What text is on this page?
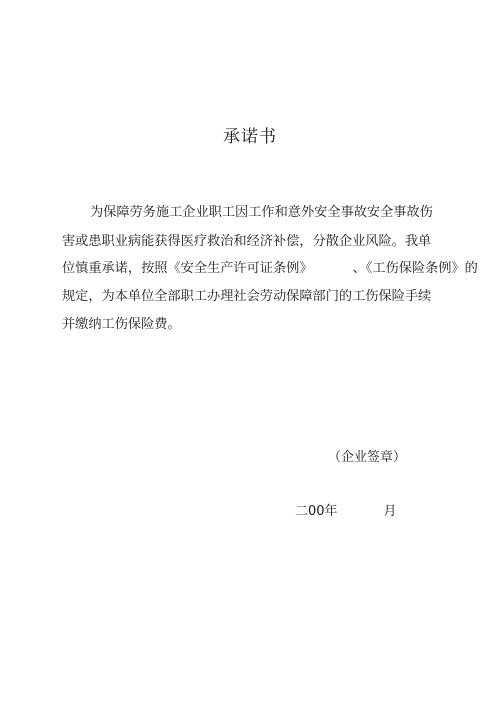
承诺书
为保障劳务施工企业职工因工作和意外安全事故安全事故伤
害或患职业病能获得医疗救治和经济补偿，分散企业风险。我单
位慎重承诺，按照《安全生产许可证条例》	、《工伤保险条例》的
规定，为本单位全部职工办理社会劳动保障部门的工伤保险手续
并缴纳工伤保险费。
（企业签章）
二00年	月
